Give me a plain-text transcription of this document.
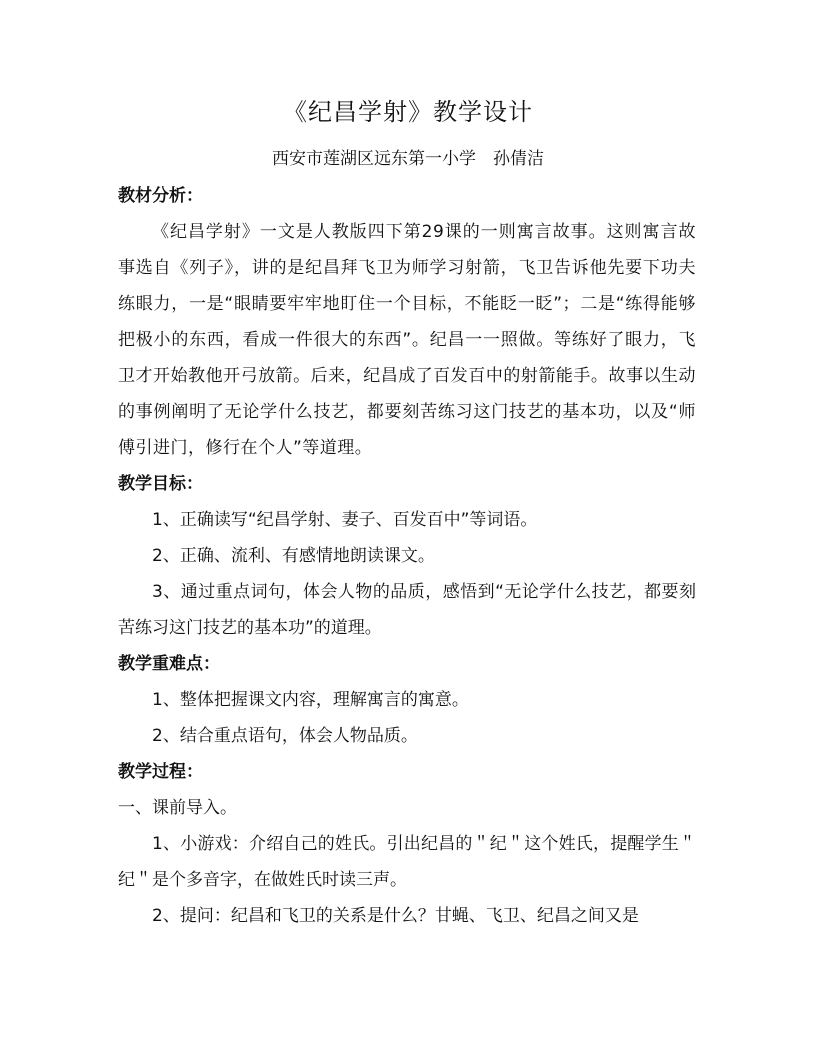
《纪昌学射》教学设计
西安市莲湖区远东第一小学　孙倩洁
教材分析：
《纪昌学射》一文是人教版四下第29课的一则寓言故事。这则寓言故事选自《列子》，讲的是纪昌拜飞卫为师学习射箭，飞卫告诉他先要下功夫练眼力，一是“眼睛要牢牢地盯住一个目标，不能眨一眨”；二是“练得能够把极小的东西，看成一件很大的东西”。纪昌一一照做。等练好了眼力，飞卫才开始教他开弓放箭。后来，纪昌成了百发百中的射箭能手。故事以生动的事例阐明了无论学什么技艺，都要刻苦练习这门技艺的基本功，以及“师傅引进门，修行在个人”等道理。
教学目标：
1、正确读写“纪昌学射、妻子、百发百中”等词语。
2、正确、流利、有感情地朗读课文。
3、通过重点词句，体会人物的品质，感悟到“无论学什么技艺，都要刻苦练习这门技艺的基本功”的道理。
教学重难点：
1、整体把握课文内容，理解寓言的寓意。
2、结合重点语句，体会人物品质。
教学过程：
一、课前导入。
1、小游戏：介绍自己的姓氏。引出纪昌的＂纪＂这个姓氏，提醒学生＂纪＂是个多音字，在做姓氏时读三声。
2、提问：纪昌和飞卫的关系是什么？甘蝇、飞卫、纪昌之间又是
